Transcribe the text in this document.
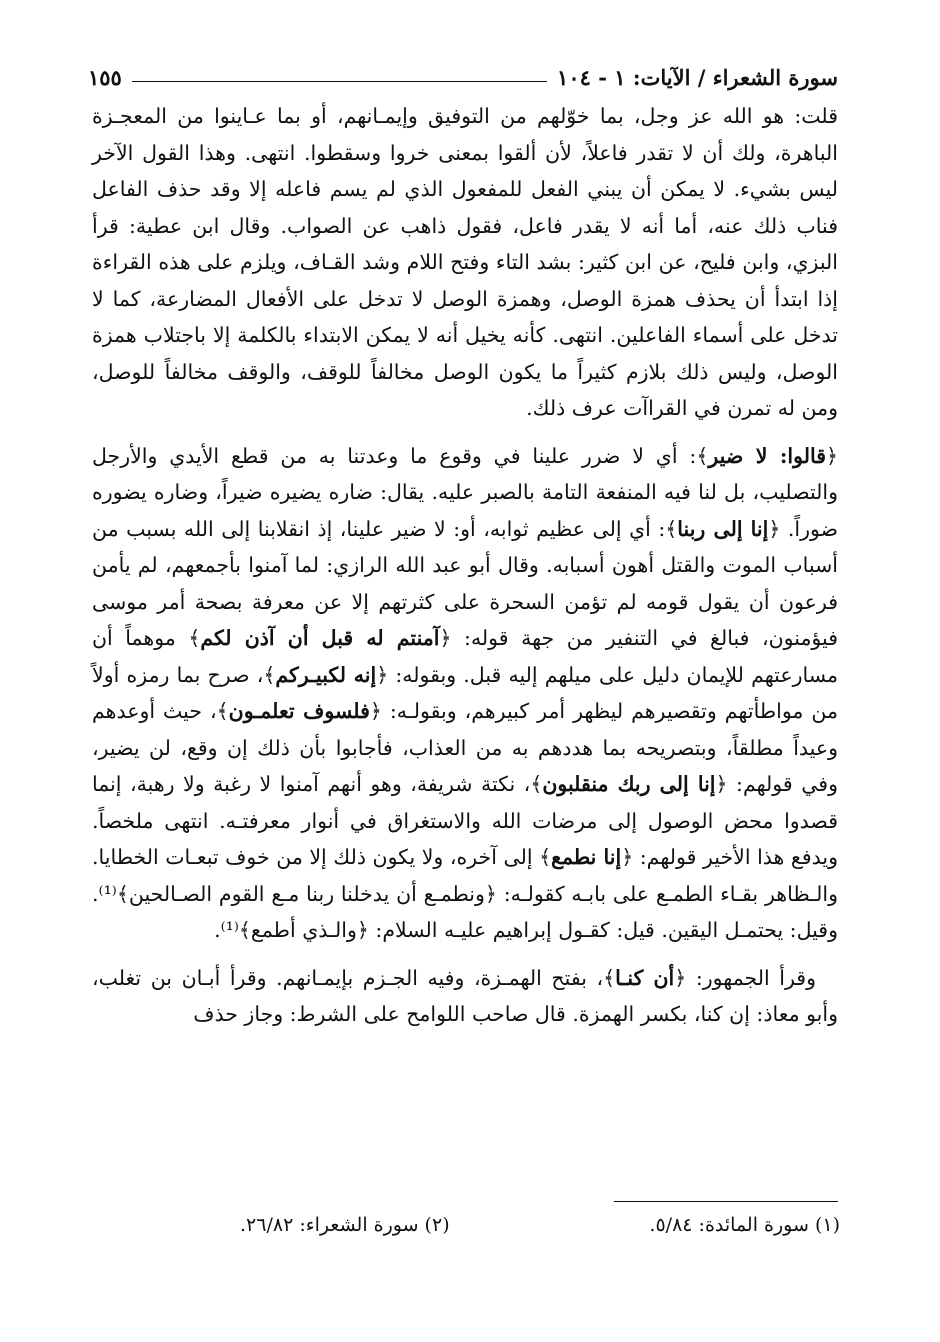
سورة الشعراء / الآيات: ١ - ١٠٤
١٥٥

قلت: هو الله عز وجل، بما خوّلهم من التوفيق وإيمـانهم، أو بما عـاينوا من المعجـزة الباهرة، ولك أن لا تقدر فاعلاً، لأن ألقوا بمعنى خروا وسقطوا. انتهى. وهذا القول الآخر ليس بشيء. لا يمكن أن يبني الفعل للمفعول الذي لم يسم فاعله إلا وقد حذف الفاعل فناب ذلك عنه، أما أنه لا يقدر فاعل، فقول ذاهب عن الصواب. وقال ابن عطية: قرأ البزي، وابن فليح، عن ابن كثير: بشد التاء وفتح اللام وشد القـاف، ويلزم على هذه القراءة إذا ابتدأ أن يحذف همزة الوصل، وهمزة الوصل لا تدخل على الأفعال المضارعة، كما لا تدخل على أسماء الفاعلين. انتهى. كأنه يخيل أنه لا يمكن الابتداء بالكلمة إلا باجتلاب همزة الوصل، وليس ذلك بلازم كثيراً ما يكون الوصل مخالفاً للوقف، والوقف مخالفاً للوصل، ومن له تمرن في القراآت عرف ذلك.

﴿قالوا: لا ضير﴾: أي لا ضرر علينا في وقوع ما وعدتنا به من قطع الأيدي والأرجل والتصليب، بل لنا فيه المنفعة التامة بالصبر عليه. يقال: ضاره يضيره ضيراً، وضاره يضوره ضوراً. ﴿إنا إلى ربنا﴾: أي إلى عظيم ثوابه، أو: لا ضير علينا، إذ انقلابنا إلى الله بسبب من أسباب الموت والقتل أهون أسبابه. وقال أبو عبد الله الرازي: لما آمنوا بأجمعهم، لم يأمن فرعون أن يقول قومه لم تؤمن السحرة على كثرتهم إلا عن معرفة بصحة أمر موسى فيؤمنون، فبالغ في التنفير من جهة قوله: ﴿آمنتم له قبل أن آذن لكم﴾ موهماً أن مسارعتهم للإيمان دليل على ميلهم إليه قبل. وبقوله: ﴿إنه لكبيـركم﴾، صرح بما رمزه أولاً من مواطأتهم وتقصيرهم ليظهر أمر كبيرهم، وبقولـه: ﴿فلسوف تعلمـون﴾، حيث أوعدهم وعيداً مطلقاً، وبتصريحه بما هددهم به من العذاب، فأجابوا بأن ذلك إن وقع، لن يضير، وفي قولهم: ﴿إنا إلى ربك منقلبون﴾، نكتة شريفة، وهو أنهم آمنوا لا رغبة ولا رهبة، إنما قصدوا محض الوصول إلى مرضات الله والاستغراق في أنوار معرفتـه. انتهى ملخصاً. ويدفع هذا الأخير قولهم: ﴿إنا نطمع﴾ إلى آخره، ولا يكون ذلك إلا من خوف تبعـات الخطايا. والـظاهر بقـاء الطمـع على بابـه كقولـه: ﴿ونطمـع أن يدخلنا ربنا مـع القوم الصـالحين﴾⁽¹⁾. وقيل: يحتمـل اليقين. قيل: كقـول إبراهيم عليـه السلام: ﴿والـذي أطمع﴾⁽¹⁾.

وقرأ الجمهور: ﴿أن كنـا﴾، بفتح الهمـزة، وفيه الجـزم بإيمـانهم. وقرأ أبـان بن تغلب، وأبو معاذ: إن كنا، بكسر الهمزة. قال صاحب اللوامح على الشرط: وجاز حذف

(١) سورة المائدة: ٥/٨٤.
(٢) سورة الشعراء: ٢٦/٨٢.
